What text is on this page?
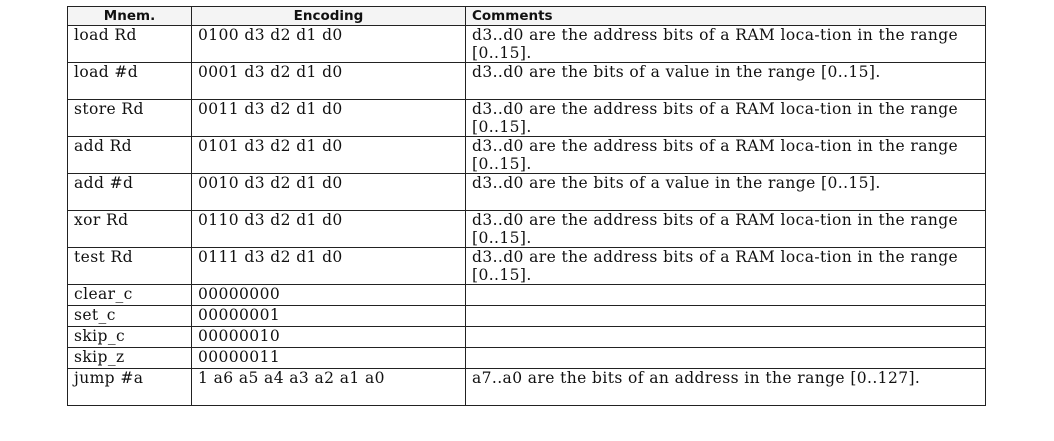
Mnem.	Encoding	Comments
load Rd	0100 d3 d2 d1 d0	d3..d0 are the address bits of a RAM loca-tion in the range [0..15].
load #d	0001 d3 d2 d1 d0	d3..d0 are the bits of a value in the range [0..15].
store Rd	0011 d3 d2 d1 d0	d3..d0 are the address bits of a RAM loca-tion in the range [0..15].
add Rd	0101 d3 d2 d1 d0	d3..d0 are the address bits of a RAM loca-tion in the range [0..15].
add #d	0010 d3 d2 d1 d0	d3..d0 are the bits of a value in the range [0..15].
xor Rd	0110 d3 d2 d1 d0	d3..d0 are the address bits of a RAM loca-tion in the range [0..15].
test Rd	0111 d3 d2 d1 d0	d3..d0 are the address bits of a RAM loca-tion in the range [0..15].
clear_c	00000000	
set_c	00000001	
skip_c	00000010	
skip_z	00000011	
jump #a	1 a6 a5 a4 a3 a2 a1 a0	a7..a0 are the bits of an address in the range [0..127].
